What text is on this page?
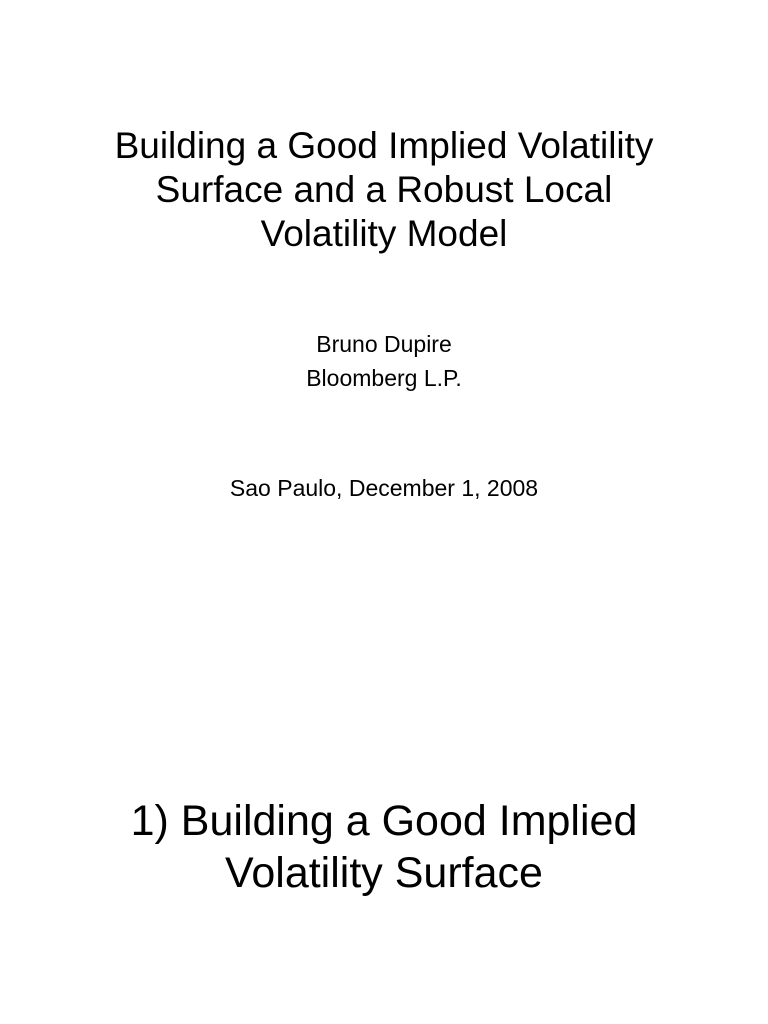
Building a Good Implied Volatility
Surface and a Robust Local
Volatility Model
Bruno Dupire
Bloomberg L.P.
Sao Paulo, December 1, 2008
1) Building a Good Implied
Volatility Surface
